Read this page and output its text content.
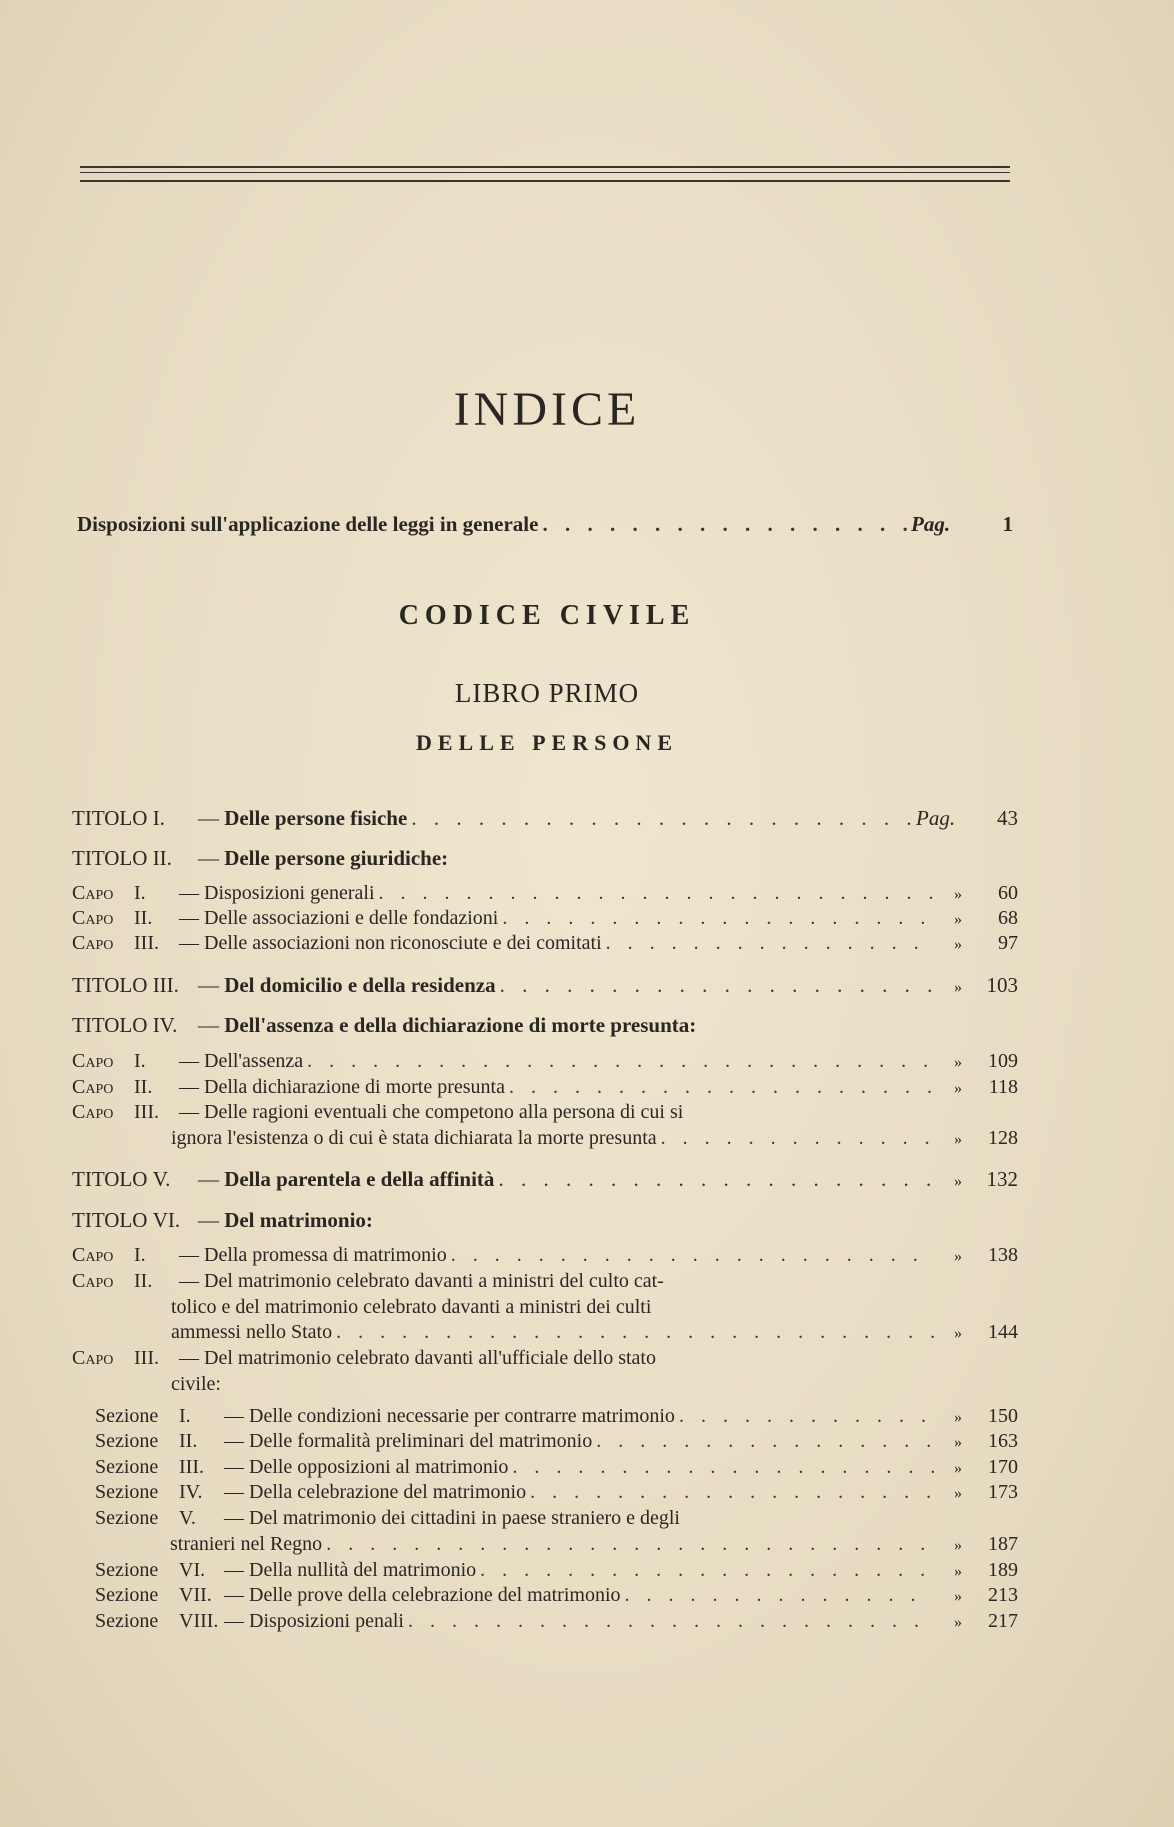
INDICE
Disposizioni sull'applicazione delle leggi in generale . . .	Pag.	1
CODICE CIVILE
LIBRO PRIMO
DELLE PERSONE
TITOLO I. — Delle persone fisiche . . .	Pag.	43
TITOLO II. — Delle persone giuridiche:
Capo I. — Disposizioni generali . . .	»	60
Capo II. — Delle associazioni e delle fondazioni . . .	»	68
Capo III. — Delle associazioni non riconosciute e dei comitati . . .	»	97
TITOLO III. — Del domicilio e della residenza . . .	»	103
TITOLO IV. — Dell'assenza e della dichiarazione di morte presunta:
Capo I. — Dell'assenza . . .	»	109
Capo II. — Della dichiarazione di morte presunta . . .	»	118
Capo III. — Delle ragioni eventuali che competono alla persona di cui si
ignora l'esistenza o di cui è stata dichiarata la morte presunta . . .	»	128
TITOLO V. — Della parentela e della affinità . . .	»	132
TITOLO VI. — Del matrimonio:
Capo I. — Della promessa di matrimonio . . .	»	138
Capo II. — Del matrimonio celebrato davanti a ministri del culto cat-
tolico e del matrimonio celebrato davanti a ministri dei culti
ammessi nello Stato . . .	»	144
Capo III. — Del matrimonio celebrato davanti all'ufficiale dello stato
civile:
Sezione I. — Delle condizioni necessarie per contrarre matrimonio . . .	»	150
Sezione II. — Delle formalità preliminari del matrimonio . . .	»	163
Sezione III. — Delle opposizioni al matrimonio . . .	»	170
Sezione IV. — Della celebrazione del matrimonio . . .	»	173
Sezione V. — Del matrimonio dei cittadini in paese straniero e degli
stranieri nel Regno . . .	»	187
Sezione VI. — Della nullità del matrimonio . . .	»	189
Sezione VII. — Delle prove della celebrazione del matrimonio . . .	»	213
Sezione VIII. — Disposizioni penali . . .	»	217
